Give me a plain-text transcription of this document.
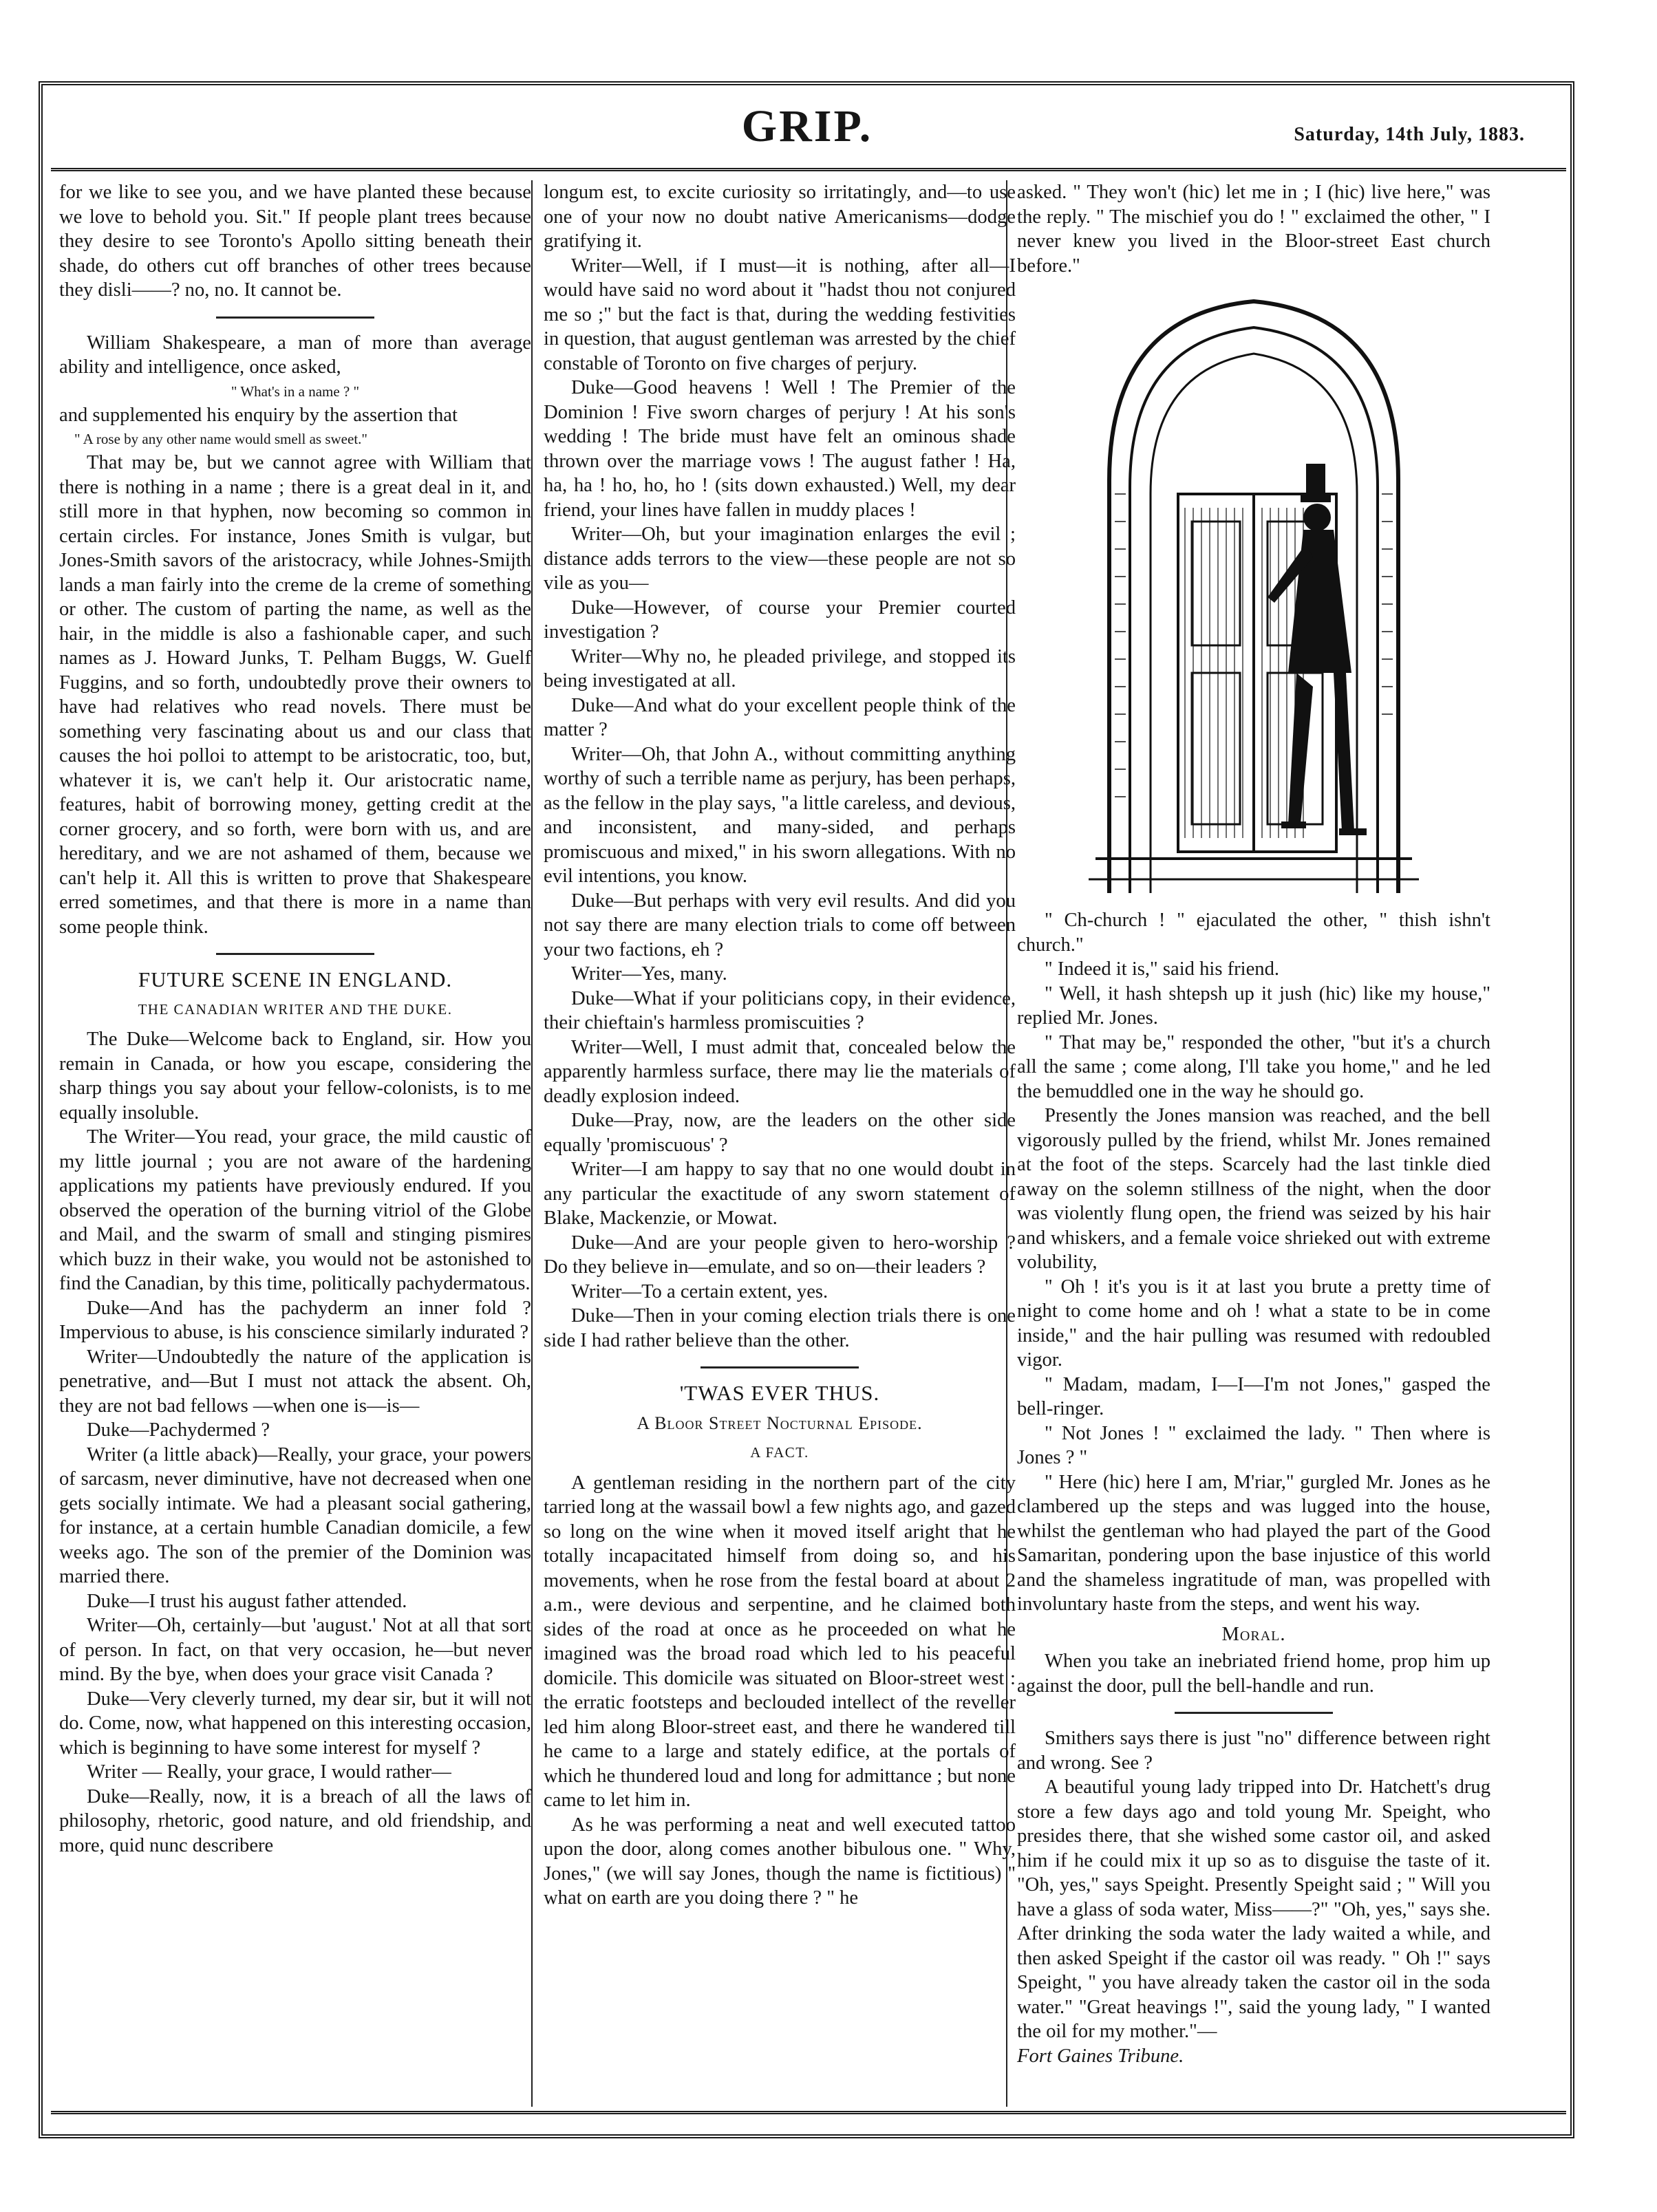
GRIP.	Saturday, 14th July, 1883.

for we like to see you, and we have planted these because we love to behold you. Sit." If people plant trees because they desire to see Toronto's Apollo sitting beneath their shade, do others cut off branches of other trees because they disli——? no, no. It cannot be.

William Shakespeare, a man of more than average ability and intelligence, once asked,

" What's in a name ? "

and supplemented his enquiry by the assertion that

" A rose by any other name would smell as sweet."

That may be, but we cannot agree with William that there is nothing in a name ; there is a great deal in it, and still more in that hyphen, now becoming so common in certain circles. For instance, Jones Smith is vulgar, but Jones-Smith savors of the aristocracy, while Johnes-Smijth lands a man fairly into the creme de la creme of something or other. The custom of parting the name, as well as the hair, in the middle is also a fashionable caper, and such names as J. Howard Junks, T. Pelham Buggs, W. Guelf Fuggins, and so forth, undoubtedly prove their owners to have had relatives who read novels. There must be something very fascinating about us and our class that causes the hoi polloi to attempt to be aristocratic, too, but, whatever it is, we can't help it. Our aristocratic name, features, habit of borrowing money, getting credit at the corner grocery, and so forth, were born with us, and are hereditary, and we are not ashamed of them, because we can't help it. All this is written to prove that Shakespeare erred sometimes, and that there is more in a name than some people think.

FUTURE SCENE IN ENGLAND.
THE CANADIAN WRITER AND THE DUKE.

The Duke—Welcome back to England, sir. How you remain in Canada, or how you escape, considering the sharp things you say about your fellow-colonists, is to me equally insoluble.

The Writer—You read, your grace, the mild caustic of my little journal ; you are not aware of the hardening applications my patients have previously endured. If you observed the operation of the burning vitriol of the Globe and Mail, and the swarm of small and stinging pismires which buzz in their wake, you would not be astonished to find the Canadian, by this time, politically pachydermatous.

Duke—And has the pachyderm an inner fold ? Impervious to abuse, is his conscience similarly indurated ?

Writer—Undoubtedly the nature of the application is penetrative, and—But I must not attack the absent. Oh, they are not bad fellows —when one is—is—

Duke—Pachydermed ?

Writer (a little aback)—Really, your grace, your powers of sarcasm, never diminutive, have not decreased when one gets socially intimate. We had a pleasant social gathering, for instance, at a certain humble Canadian domicile, a few weeks ago. The son of the premier of the Dominion was married there.

Duke—I trust his august father attended.

Writer—Oh, certainly—but 'august.' Not at all that sort of person. In fact, on that very occasion, he—but never mind. By the bye, when does your grace visit Canada ?

Duke—Very cleverly turned, my dear sir, but it will not do. Come, now, what happened on this interesting occasion, which is beginning to have some interest for myself ?

Writer — Really, your grace, I would rather—

Duke—Really, now, it is a breach of all the laws of philosophy, rhetoric, good nature, and old friendship, and more, quid nunc describere

longum est, to excite curiosity so irritatingly, and—to use one of your now no doubt native Americanisms—dodge gratifying it.

Writer—Well, if I must—it is nothing, after all—I would have said no word about it "hadst thou not conjured me so ;" but the fact is that, during the wedding festivities in question, that august gentleman was arrested by the chief constable of Toronto on five charges of perjury.

Duke—Good heavens ! Well ! The Premier of the Dominion ! Five sworn charges of perjury ! At his son's wedding ! The bride must have felt an ominous shade thrown over the marriage vows ! The august father ! Ha, ha, ha ! ho, ho, ho ! (sits down exhausted.) Well, my dear friend, your lines have fallen in muddy places !

Writer—Oh, but your imagination enlarges the evil ; distance adds terrors to the view—these people are not so vile as you—

Duke—However, of course your Premier courted investigation ?

Writer—Why no, he pleaded privilege, and stopped its being investigated at all.

Duke—And what do your excellent people think of the matter ?

Writer—Oh, that John A., without committing anything worthy of such a terrible name as perjury, has been perhaps, as the fellow in the play says, "a little careless, and devious, and inconsistent, and many-sided, and perhaps promiscuous and mixed," in his sworn allegations. With no evil intentions, you know.

Duke—But perhaps with very evil results. And did you not say there are many election trials to come off between your two factions, eh ?

Writer—Yes, many.

Duke—What if your politicians copy, in their evidence, their chieftain's harmless promiscuities ?

Writer—Well, I must admit that, concealed below the apparently harmless surface, there may lie the materials of deadly explosion indeed.

Duke—Pray, now, are the leaders on the other side equally 'promiscuous' ?

Writer—I am happy to say that no one would doubt in any particular the exactitude of any sworn statement of Blake, Mackenzie, or Mowat.

Duke—And are your people given to hero-worship ? Do they believe in—emulate, and so on—their leaders ?

Writer—To a certain extent, yes.

Duke—Then in your coming election trials there is one side I had rather believe than the other.

'TWAS EVER THUS.
A Bloor Street Nocturnal Episode.
A FACT.

A gentleman residing in the northern part of the city tarried long at the wassail bowl a few nights ago, and gazed so long on the wine when it moved itself aright that he totally incapacitated himself from doing so, and his movements, when he rose from the festal board at about 2 a.m., were devious and serpentine, and he claimed both sides of the road at once as he proceeded on what he imagined was the broad road which led to his peaceful domicile. This domicile was situated on Bloor-street west : the erratic footsteps and beclouded intellect of the reveller led him along Bloor-street east, and there he wandered till he came to a large and stately edifice, at the portals of which he thundered loud and long for admittance ; but none came to let him in.

As he was performing a neat and well executed tattoo upon the door, along comes another bibulous one. " Why, Jones," (we will say Jones, though the name is fictitious) " what on earth are you doing there ? " he

asked. " They won't (hic) let me in ; I (hic) live here," was the reply. " The mischief you do ! " exclaimed the other, " I never knew you lived in the Bloor-street East church before."

" Ch-church ! " ejaculated the other, " thish ishn't church."

" Indeed it is," said his friend.

" Well, it hash shtepsh up it jush (hic) like my house," replied Mr. Jones.

" That may be," responded the other, "but it's a church all the same ; come along, I'll take you home," and he led the bemuddled one in the way he should go.

Presently the Jones mansion was reached, and the bell vigorously pulled by the friend, whilst Mr. Jones remained at the foot of the steps. Scarcely had the last tinkle died away on the solemn stillness of the night, when the door was violently flung open, the friend was seized by his hair and whiskers, and a female voice shrieked out with extreme volubility,

" Oh ! it's you is it at last you brute a pretty time of night to come home and oh ! what a state to be in come inside," and the hair pulling was resumed with redoubled vigor.

" Madam, madam, I—I—I'm not Jones," gasped the bell-ringer.

" Not Jones ! " exclaimed the lady. " Then where is Jones ? "

" Here (hic) here I am, M'riar," gurgled Mr. Jones as he clambered up the steps and was lugged into the house, whilst the gentleman who had played the part of the Good Samaritan, pondering upon the base injustice of this world and the shameless ingratitude of man, was propelled with involuntary haste from the steps, and went his way.

Moral.

When you take an inebriated friend home, prop him up against the door, pull the bell-handle and run.

Smithers says there is just "no" difference between right and wrong. See ?

A beautiful young lady tripped into Dr. Hatchett's drug store a few days ago and told young Mr. Speight, who presides there, that she wished some castor oil, and asked him if he could mix it up so as to disguise the taste of it. "Oh, yes," says Speight. Presently Speight said ; " Will you have a glass of soda water, Miss——?" "Oh, yes," says she. After drinking the soda water the lady waited a while, and then asked Speight if the castor oil was ready. " Oh !" says Speight, " you have already taken the castor oil in the soda water." "Great heavings !", said the young lady, " I wanted the oil for my mother."—

Fort Gaines Tribune.
